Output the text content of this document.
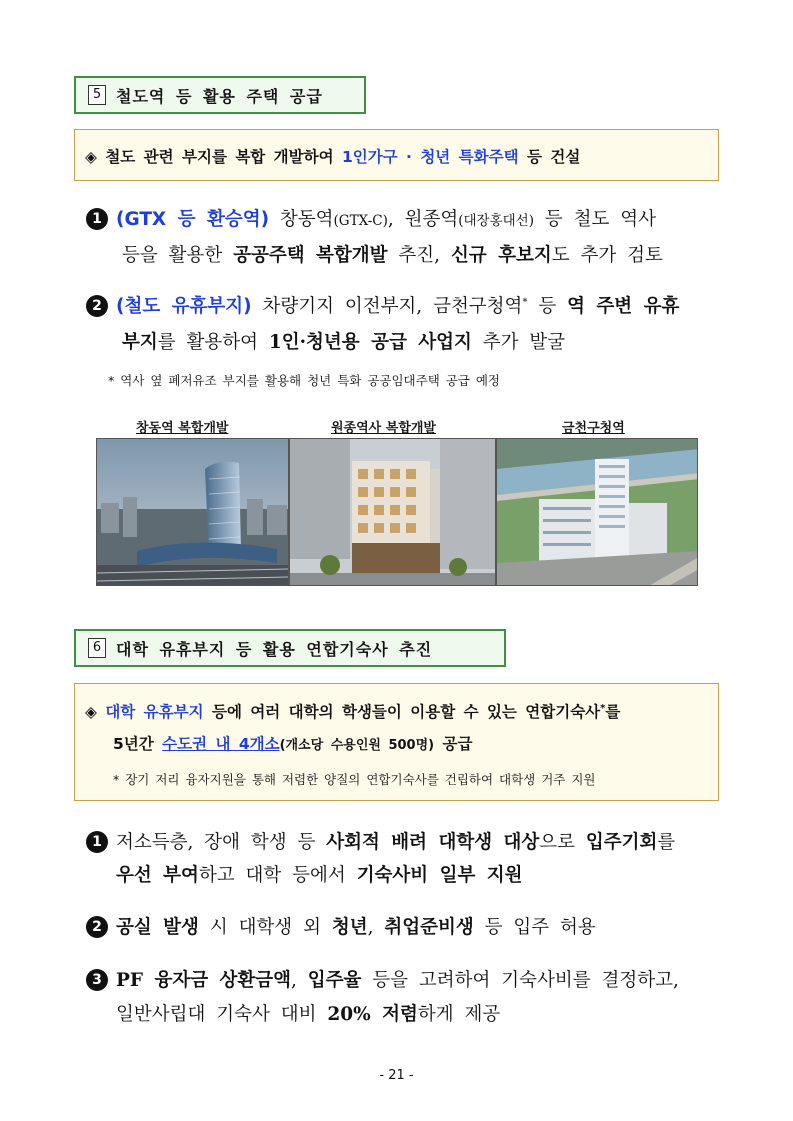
5 철도역 등 활용 주택 공급
◈ 철도 관련 부지를 복합 개발하여 1인가구 · 청년 특화주택 등 건설
1 (GTX 등 환승역) 창동역(GTX-C), 원종역(대장홍대선) 등 철도 역사
등을 활용한 공공주택 복합개발 추진, 신규 후보지도 추가 검토
2 (철도 유휴부지) 차량기지 이전부지, 금천구청역* 등 역 주변 유휴
부지를 활용하여 1인·청년용 공급 사업지 추가 발굴
* 역사 옆 폐저유조 부지를 활용해 청년 특화 공공임대주택 공급 예정
창동역 복합개발	원종역사 복합개발	금천구청역
6 대학 유휴부지 등 활용 연합기숙사 추진
◈ 대학 유휴부지 등에 여러 대학의 학생들이 이용할 수 있는 연합기숙사*를
5년간 수도권 내 4개소(개소당 수용인원 500명) 공급
* 장기 저리 융자지원을 통해 저렴한 양질의 연합기숙사를 건립하여 대학생 거주 지원
1 저소득층, 장애 학생 등 사회적 배려 대학생 대상으로 입주기회를
우선 부여하고 대학 등에서 기숙사비 일부 지원
2 공실 발생 시 대학생 외 청년, 취업준비생 등 입주 허용
3 PF 융자금 상환금액, 입주율 등을 고려하여 기숙사비를 결정하고,
일반사립대 기숙사 대비 20% 저렴하게 제공
- 21 -
